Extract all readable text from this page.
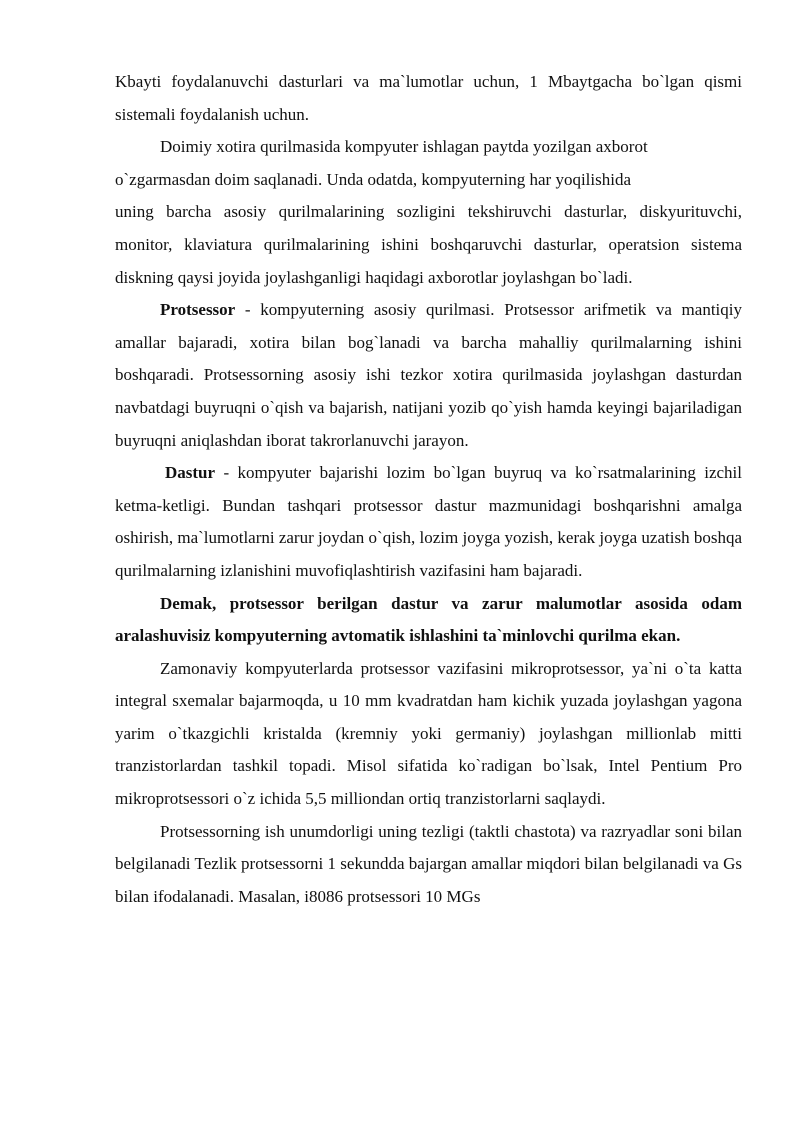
Kbayti foydalanuvchi dasturlari va ma`lumotlar uchun, 1 Mbaytgacha bo`lgan qismi sistemali foydalanish uchun.

Doimiy xotira qurilmasida kompyuter ishlagan paytda yozilgan axborot o`zgarmasdan doim saqlanadi. Unda odatda, kompyuterning har yoqilishida

uning barcha asosiy qurilmalarining sozligini tekshiruvchi dasturlar, diskyurituvchi, monitor, klaviatura qurilmalarining ishini boshqaruvchi dasturlar, operatsion sistema diskning qaysi joyida joylashganligi haqidagi axborotlar joylashgan bo`ladi.

Protsessor - kompyuterning asosiy qurilmasi. Protsessor arifmetik va mantiqiy amallar bajaradi, xotira bilan bog`lanadi va barcha mahalliy qurilmalarning ishini boshqaradi. Protsessorning asosiy ishi tezkor xotira qurilmasida joylashgan dasturdan navbatdagi buyruqni o`qish va bajarish, natijani yozib qo`yish hamda keyingi bajariladigan buyruqni aniqlashdan iborat takrorlanuvchi jarayon.

Dastur - kompyuter bajarishi lozim bo`lgan buyruq va ko`rsatmalarining izchil ketma-ketligi. Bundan tashqari protsessor dastur mazmunidagi boshqarishni amalga oshirish, ma`lumotlarni zarur joydan o`qish, lozim joyga yozish, kerak joyga uzatish boshqa qurilmalarning izlanishini muvofiqlashtirish vazifasini ham bajaradi.

Demak, protsessor berilgan dastur va zarur malumotlar asosida odam aralashuvisiz kompyuterning avtomatik ishlashini ta`minlovchi qurilma ekan.

Zamonaviy kompyuterlarda protsessor vazifasini mikroprotsessor, ya`ni o`ta katta integral sxemalar bajarmoqda, u 10 mm kvadratdan ham kichik yuzada joylashgan yagona yarim o`tkazgichli kristalda (kremniy yoki germaniy) joylashgan millionlab mitti tranzistorlardan tashkil topadi. Misol sifatida ko`radigan bo`lsak, Intel Pentium Pro mikroprotsessori o`z ichida 5,5 milliondan ortiq tranzistorlarni saqlaydi.

Protsessorning ish unumdorligi uning tezligi (taktli chastota) va razryadlar soni bilan belgilanadi Tezlik protsessorni 1 sekundda bajargan amallar miqdori bilan belgilanadi va Gs bilan ifodalanadi. Masalan, i8086 protsessori 10 MGs
